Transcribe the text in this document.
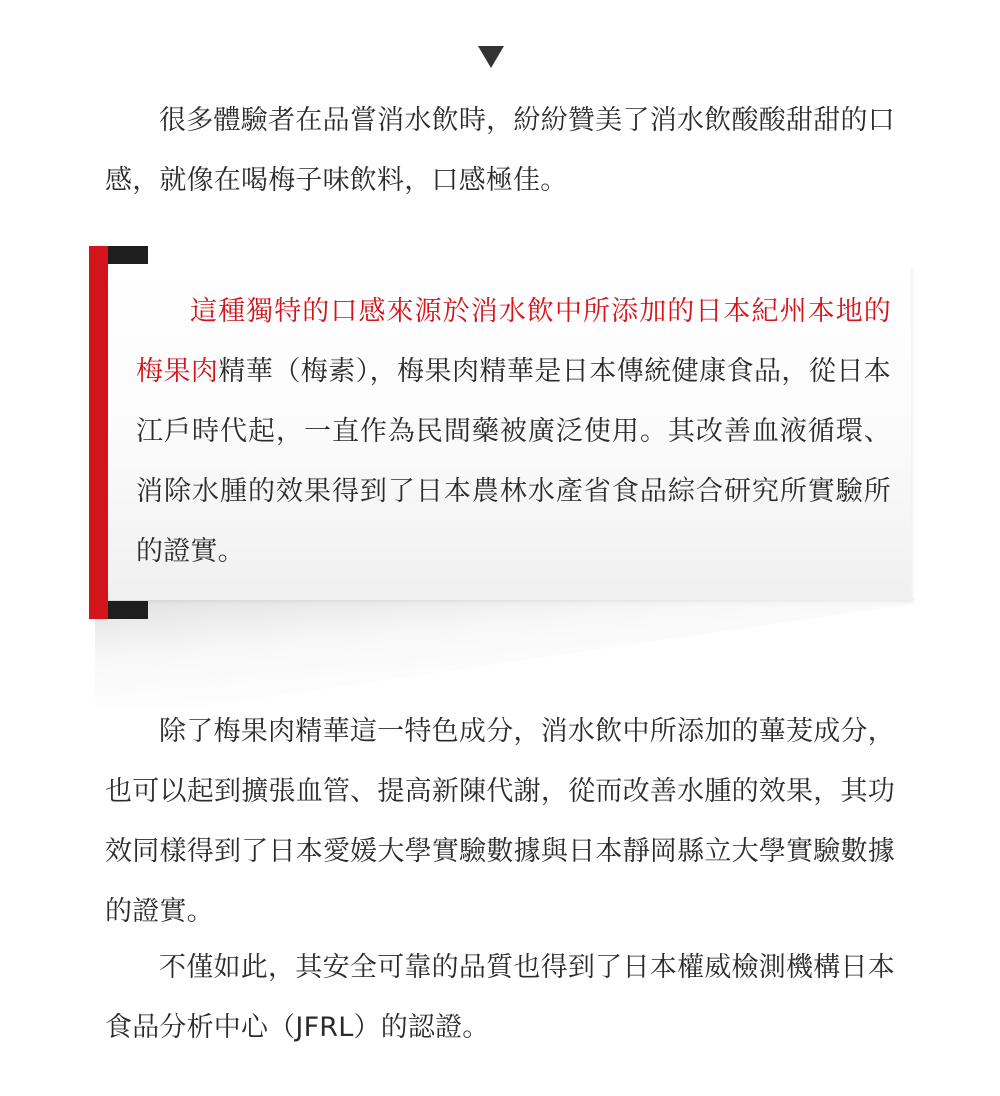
很多體驗者在品嘗消水飲時，紛紛贊美了消水飲酸酸甜甜的口感，就像在喝梅子味飲料，口感極佳。

這種獨特的口感來源於消水飲中所添加的日本紀州本地的梅果肉精華（梅素），梅果肉精華是日本傳統健康食品，從日本江戶時代起，一直作為民間藥被廣泛使用。其改善血液循環、消除水腫的效果得到了日本農林水產省食品綜合研究所實驗所的證實。

除了梅果肉精華這一特色成分，消水飲中所添加的蓽茇成分，也可以起到擴張血管、提高新陳代謝，從而改善水腫的效果，其功效同樣得到了日本愛媛大學實驗數據與日本靜岡縣立大學實驗數據的證實。

不僅如此，其安全可靠的品質也得到了日本權威檢測機構日本食品分析中心（JFRL）的認證。
